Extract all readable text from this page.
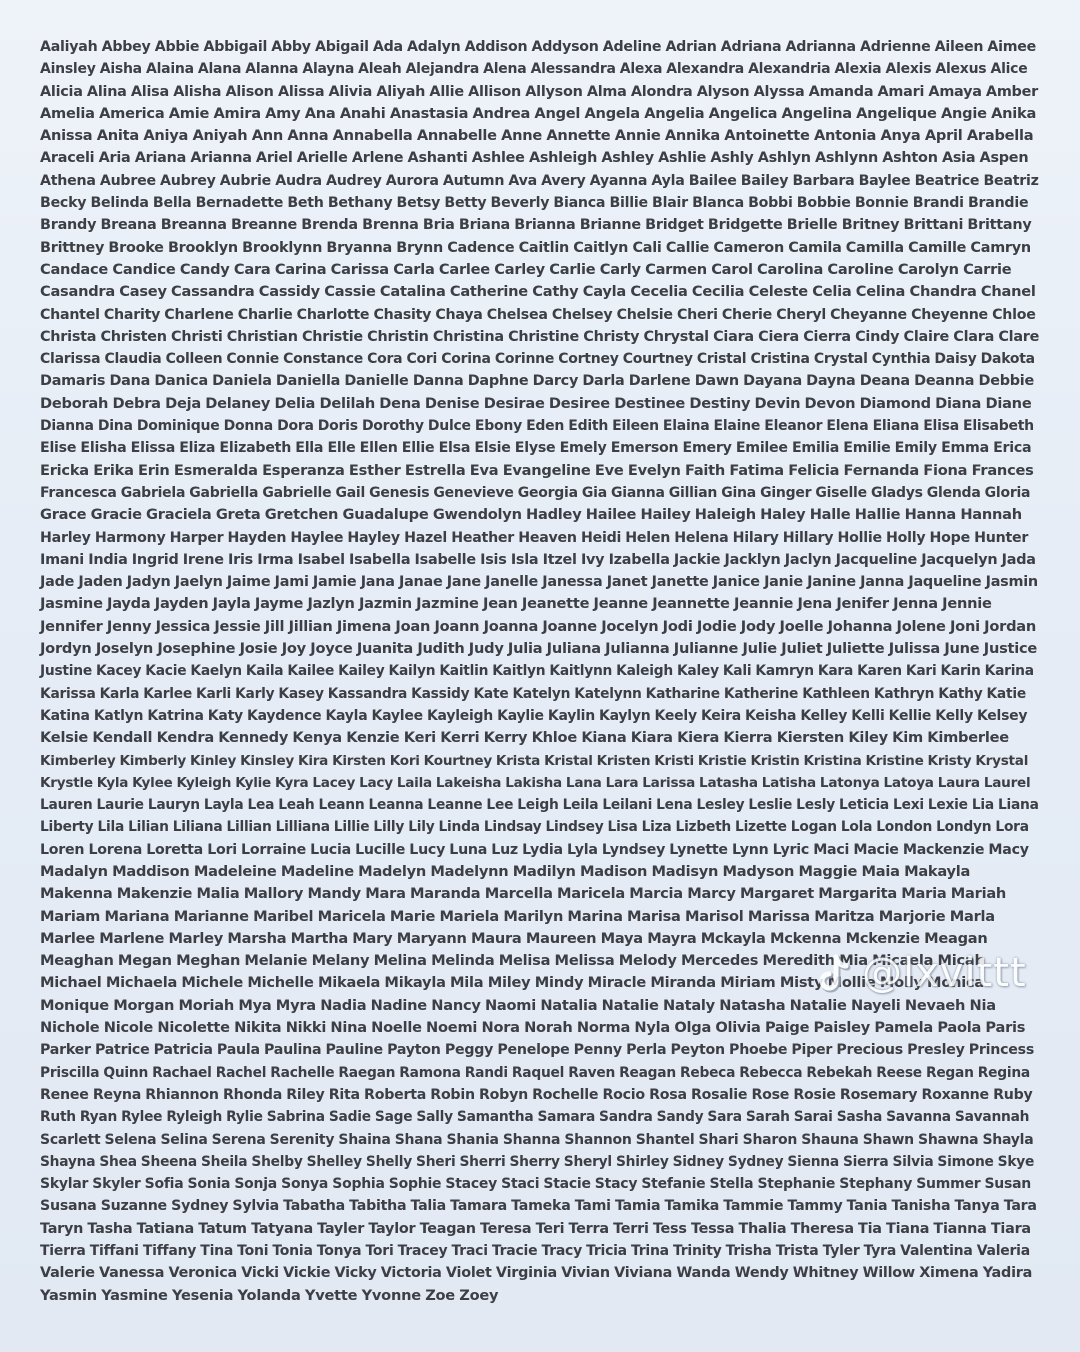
Aaliyah Abbey Abbie Abbigail Abby Abigail Ada Adalyn Addison Addyson Adeline Adrian Adriana Adrianna Adrienne Aileen Aimee
Ainsley Aisha Alaina Alana Alanna Alayna Aleah Alejandra Alena Alessandra Alexa Alexandra Alexandria Alexia Alexis Alexus Alice
Alicia Alina Alisa Alisha Alison Alissa Alivia Aliyah Allie Allison Allyson Alma Alondra Alyson Alyssa Amanda Amari Amaya Amber
Amelia America Amie Amira Amy Ana Anahi Anastasia Andrea Angel Angela Angelia Angelica Angelina Angelique Angie Anika
Anissa Anita Aniya Aniyah Ann Anna Annabella Annabelle Anne Annette Annie Annika Antoinette Antonia Anya April Arabella
Araceli Aria Ariana Arianna Ariel Arielle Arlene Ashanti Ashlee Ashleigh Ashley Ashlie Ashly Ashlyn Ashlynn Ashton Asia Aspen
Athena Aubree Aubrey Aubrie Audra Audrey Aurora Autumn Ava Avery Ayanna Ayla Bailee Bailey Barbara Baylee Beatrice Beatriz
Becky Belinda Bella Bernadette Beth Bethany Betsy Betty Beverly Bianca Billie Blair Blanca Bobbi Bobbie Bonnie Brandi Brandie
Brandy Breana Breanna Breanne Brenda Brenna Bria Briana Brianna Brianne Bridget Bridgette Brielle Britney Brittani Brittany
Brittney Brooke Brooklyn Brooklynn Bryanna Brynn Cadence Caitlin Caitlyn Cali Callie Cameron Camila Camilla Camille Camryn
Candace Candice Candy Cara Carina Carissa Carla Carlee Carley Carlie Carly Carmen Carol Carolina Caroline Carolyn Carrie
Casandra Casey Cassandra Cassidy Cassie Catalina Catherine Cathy Cayla Cecelia Cecilia Celeste Celia Celina Chandra Chanel
Chantel Charity Charlene Charlie Charlotte Chasity Chaya Chelsea Chelsey Chelsie Cheri Cherie Cheryl Cheyanne Cheyenne Chloe
Christa Christen Christi Christian Christie Christin Christina Christine Christy Chrystal Ciara Ciera Cierra Cindy Claire Clara Clare
Clarissa Claudia Colleen Connie Constance Cora Cori Corina Corinne Cortney Courtney Cristal Cristina Crystal Cynthia Daisy Dakota
Damaris Dana Danica Daniela Daniella Danielle Danna Daphne Darcy Darla Darlene Dawn Dayana Dayna Deana Deanna Debbie
Deborah Debra Deja Delaney Delia Delilah Dena Denise Desirae Desiree Destinee Destiny Devin Devon Diamond Diana Diane
Dianna Dina Dominique Donna Dora Doris Dorothy Dulce Ebony Eden Edith Eileen Elaina Elaine Eleanor Elena Eliana Elisa Elisabeth
Elise Elisha Elissa Eliza Elizabeth Ella Elle Ellen Ellie Elsa Elsie Elyse Emely Emerson Emery Emilee Emilia Emilie Emily Emma Erica
Ericka Erika Erin Esmeralda Esperanza Esther Estrella Eva Evangeline Eve Evelyn Faith Fatima Felicia Fernanda Fiona Frances
Francesca Gabriela Gabriella Gabrielle Gail Genesis Genevieve Georgia Gia Gianna Gillian Gina Ginger Giselle Gladys Glenda Gloria
Grace Gracie Graciela Greta Gretchen Guadalupe Gwendolyn Hadley Hailee Hailey Haleigh Haley Halle Hallie Hanna Hannah
Harley Harmony Harper Hayden Haylee Hayley Hazel Heather Heaven Heidi Helen Helena Hilary Hillary Hollie Holly Hope Hunter
Imani India Ingrid Irene Iris Irma Isabel Isabella Isabelle Isis Isla Itzel Ivy Izabella Jackie Jacklyn Jaclyn Jacqueline Jacquelyn Jada
Jade Jaden Jadyn Jaelyn Jaime Jami Jamie Jana Janae Jane Janelle Janessa Janet Janette Janice Janie Janine Janna Jaqueline Jasmin
Jasmine Jayda Jayden Jayla Jayme Jazlyn Jazmin Jazmine Jean Jeanette Jeanne Jeannette Jeannie Jena Jenifer Jenna Jennie
Jennifer Jenny Jessica Jessie Jill Jillian Jimena Joan Joann Joanna Joanne Jocelyn Jodi Jodie Jody Joelle Johanna Jolene Joni Jordan
Jordyn Joselyn Josephine Josie Joy Joyce Juanita Judith Judy Julia Juliana Julianna Julianne Julie Juliet Juliette Julissa June Justice
Justine Kacey Kacie Kaelyn Kaila Kailee Kailey Kailyn Kaitlin Kaitlyn Kaitlynn Kaleigh Kaley Kali Kamryn Kara Karen Kari Karin Karina
Karissa Karla Karlee Karli Karly Kasey Kassandra Kassidy Kate Katelyn Katelynn Katharine Katherine Kathleen Kathryn Kathy Katie
Katina Katlyn Katrina Katy Kaydence Kayla Kaylee Kayleigh Kaylie Kaylin Kaylyn Keely Keira Keisha Kelley Kelli Kellie Kelly Kelsey
Kelsie Kendall Kendra Kennedy Kenya Kenzie Keri Kerri Kerry Khloe Kiana Kiara Kiera Kierra Kiersten Kiley Kim Kimberlee
Kimberley Kimberly Kinley Kinsley Kira Kirsten Kori Kourtney Krista Kristal Kristen Kristi Kristie Kristin Kristina Kristine Kristy Krystal
Krystle Kyla Kylee Kyleigh Kylie Kyra Lacey Lacy Laila Lakeisha Lakisha Lana Lara Larissa Latasha Latisha Latonya Latoya Laura Laurel
Lauren Laurie Lauryn Layla Lea Leah Leann Leanna Leanne Lee Leigh Leila Leilani Lena Lesley Leslie Lesly Leticia Lexi Lexie Lia Liana
Liberty Lila Lilian Liliana Lillian Lilliana Lillie Lilly Lily Linda Lindsay Lindsey Lisa Liza Lizbeth Lizette Logan Lola London Londyn Lora
Loren Lorena Loretta Lori Lorraine Lucia Lucille Lucy Luna Luz Lydia Lyla Lyndsey Lynette Lynn Lyric Maci Macie Mackenzie Macy
Madalyn Maddison Madeleine Madeline Madelyn Madelynn Madilyn Madison Madisyn Madyson Maggie Maia Makayla
Makenna Makenzie Malia Mallory Mandy Mara Maranda Marcella Maricela Marcia Marcy Margaret Margarita Maria Mariah
Mariam Mariana Marianne Maribel Maricela Marie Mariela Marilyn Marina Marisa Marisol Marissa Maritza Marjorie Marla
Marlee Marlene Marley Marsha Martha Mary Maryann Maura Maureen Maya Mayra Mckayla Mckenna Mckenzie Meagan
Meaghan Megan Meghan Melanie Melany Melina Melinda Melisa Melissa Melody Mercedes Meredith Mia Micaela Micah
Michael Michaela Michele Michelle Mikaela Mikayla Mila Miley Mindy Miracle Miranda Miriam Misty Mollie Molly Monica
Monique Morgan Moriah Mya Myra Nadia Nadine Nancy Naomi Natalia Natalie Nataly Natasha Natalie Nayeli Nevaeh Nia
Nichole Nicole Nicolette Nikita Nikki Nina Noelle Noemi Nora Norah Norma Nyla Olga Olivia Paige Paisley Pamela Paola Paris
Parker Patrice Patricia Paula Paulina Pauline Payton Peggy Penelope Penny Perla Peyton Phoebe Piper Precious Presley Princess
Priscilla Quinn Rachael Rachel Rachelle Raegan Ramona Randi Raquel Raven Reagan Rebeca Rebecca Rebekah Reese Regan Regina
Renee Reyna Rhiannon Rhonda Riley Rita Roberta Robin Robyn Rochelle Rocio Rosa Rosalie Rose Rosie Rosemary Roxanne Ruby
Ruth Ryan Rylee Ryleigh Rylie Sabrina Sadie Sage Sally Samantha Samara Sandra Sandy Sara Sarah Sarai Sasha Savanna Savannah
Scarlett Selena Selina Serena Serenity Shaina Shana Shania Shanna Shannon Shantel Shari Sharon Shauna Shawn Shawna Shayla
Shayna Shea Sheena Sheila Shelby Shelley Shelly Sheri Sherri Sherry Sheryl Shirley Sidney Sydney Sienna Sierra Silvia Simone Skye
Skylar Skyler Sofia Sonia Sonja Sonya Sophia Sophie Stacey Staci Stacie Stacy Stefanie Stella Stephanie Stephany Summer Susan
Susana Suzanne Sydney Sylvia Tabatha Tabitha Talia Tamara Tameka Tami Tamia Tamika Tammie Tammy Tania Tanisha Tanya Tara
Taryn Tasha Tatiana Tatum Tatyana Tayler Taylor Teagan Teresa Teri Terra Terri Tess Tessa Thalia Theresa Tia Tiana Tianna Tiara
Tierra Tiffani Tiffany Tina Toni Tonia Tonya Tori Tracey Traci Tracie Tracy Tricia Trina Trinity Trisha Trista Tyler Tyra Valentina Valeria
Valerie Vanessa Veronica Vicki Vickie Vicky Victoria Violet Virginia Vivian Viviana Wanda Wendy Whitney Willow Ximena Yadira
Yasmin Yasmine Yesenia Yolanda Yvette Yvonne Zoe Zoey
@lxvittt
